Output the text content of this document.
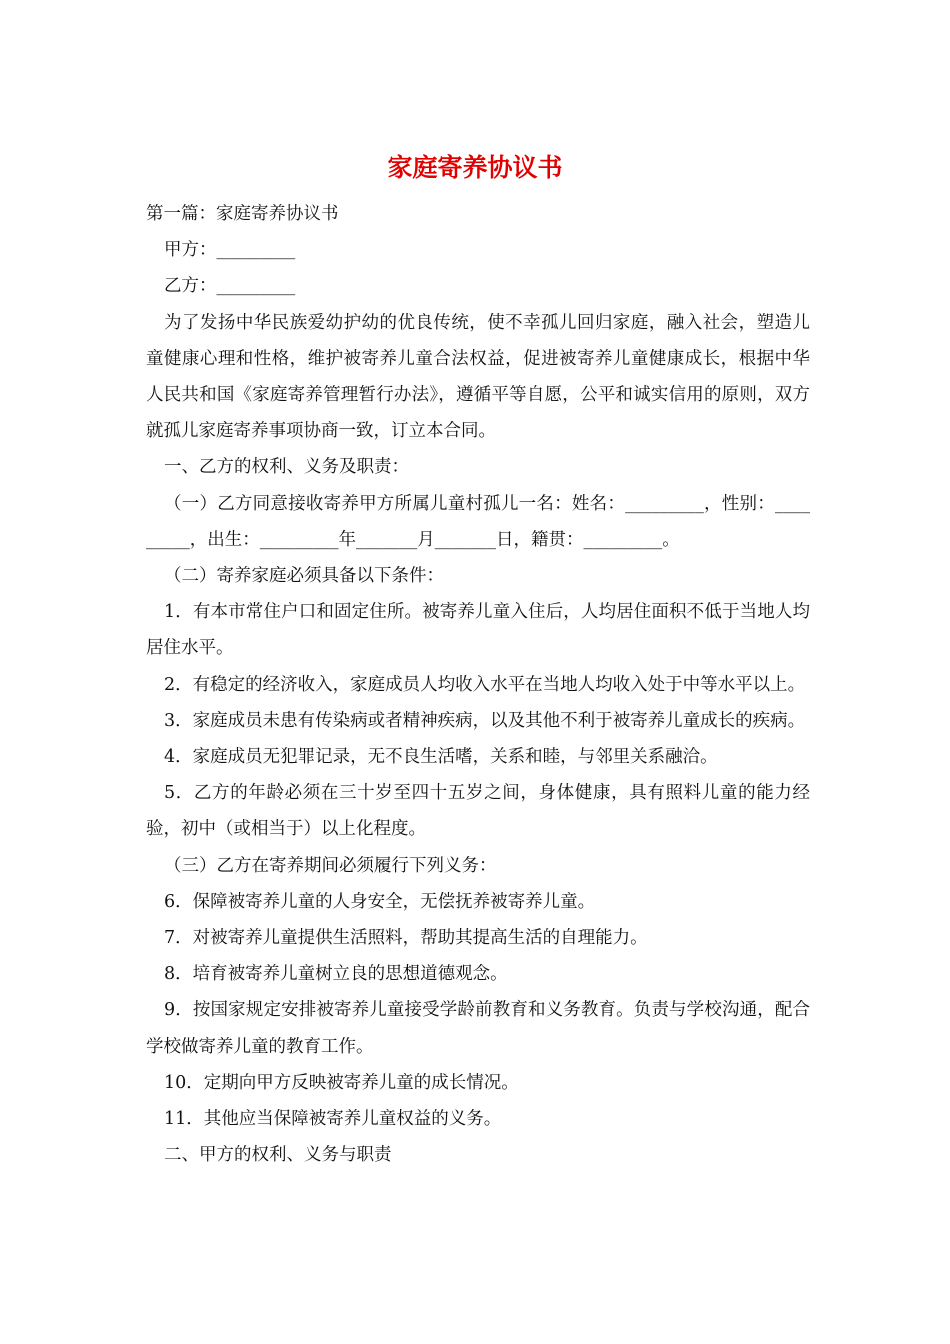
家庭寄养协议书

第一篇：家庭寄养协议书

甲方：_________

乙方：_________

为了发扬中华民族爱幼护幼的优良传统，使不幸孤儿回归家庭，融入社会，塑造儿童健康心理和性格，维护被寄养儿童合法权益，促进被寄养儿童健康成长，根据中华人民共和国《家庭寄养管理暂行办法》，遵循平等自愿，公平和诚实信用的原则，双方就孤儿家庭寄养事项协商一致，订立本合同。

一、乙方的权利、义务及职责：

（一）乙方同意接收寄养甲方所属儿童村孤儿一名：姓名：_________，性别：_________，出生：_________年_______月_______日，籍贯：_________。

（二）寄养家庭必须具备以下条件：

1．有本市常住户口和固定住所。被寄养儿童入住后，人均居住面积不低于当地人均居住水平。

2．有稳定的经济收入，家庭成员人均收入水平在当地人均收入处于中等水平以上。

3．家庭成员未患有传染病或者精神疾病，以及其他不利于被寄养儿童成长的疾病。

4．家庭成员无犯罪记录，无不良生活嗜，关系和睦，与邻里关系融洽。

5．乙方的年龄必须在三十岁至四十五岁之间，身体健康，具有照料儿童的能力经验，初中（或相当于）以上化程度。

（三）乙方在寄养期间必须履行下列义务：

6．保障被寄养儿童的人身安全，无偿抚养被寄养儿童。

7．对被寄养儿童提供生活照料，帮助其提高生活的自理能力。

8．培育被寄养儿童树立良的思想道德观念。

9．按国家规定安排被寄养儿童接受学龄前教育和义务教育。负责与学校沟通，配合学校做寄养儿童的教育工作。

10．定期向甲方反映被寄养儿童的成长情况。

11．其他应当保障被寄养儿童权益的义务。

二、甲方的权利、义务与职责
